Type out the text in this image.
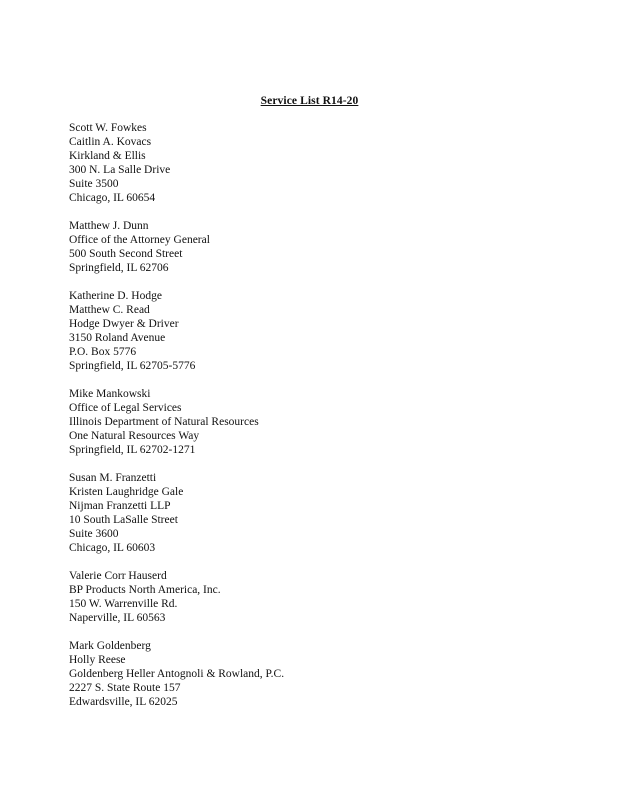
Service List R14-20
Scott W. Fowkes
Caitlin A. Kovacs
Kirkland & Ellis
300 N. La Salle Drive
Suite 3500
Chicago, IL 60654
Matthew J. Dunn
Office of the Attorney General
500 South Second Street
Springfield, IL 62706
Katherine D. Hodge
Matthew C. Read
Hodge Dwyer & Driver
3150 Roland Avenue
P.O. Box 5776
Springfield, IL 62705-5776
Mike Mankowski
Office of Legal Services
Illinois Department of Natural Resources
One Natural Resources Way
Springfield, IL 62702-1271
Susan M. Franzetti
Kristen Laughridge Gale
Nijman Franzetti LLP
10 South LaSalle Street
Suite 3600
Chicago, IL 60603
Valerie Corr Hauserd
BP Products North America, Inc.
150 W. Warrenville Rd.
Naperville, IL 60563
Mark Goldenberg
Holly Reese
Goldenberg Heller Antognoli & Rowland, P.C.
2227 S. State Route 157
Edwardsville, IL 62025
